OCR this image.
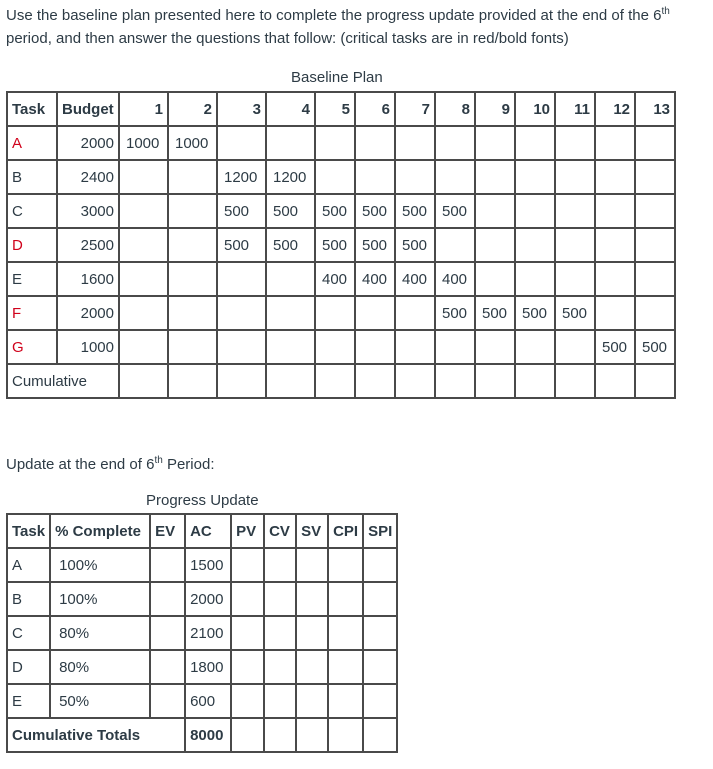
Use the baseline plan presented here to complete the progress update provided at the end of the 6th period, and then answer the questions that follow: (critical tasks are in red/bold fonts)
Baseline Plan
Task	Budget	1	2	3	4	5	6	7	8	9	10	11	12	13
A	2000	1000	1000											
B	2400			1200	1200									
C	3000			500	500	500	500	500	500					
D	2500			500	500	500	500	500						
E	1600					400	400	400	400					
F	2000								500	500	500	500		
G	1000												500	500
Cumulative														
Update at the end of 6th Period:
Progress Update
Task	% Complete	EV	AC	PV	CV	SV	CPI	SPI
A	100%		1500					
B	100%		2000					
C	80%		2100					
D	80%		1800					
E	50%		600					
Cumulative Totals			8000					
